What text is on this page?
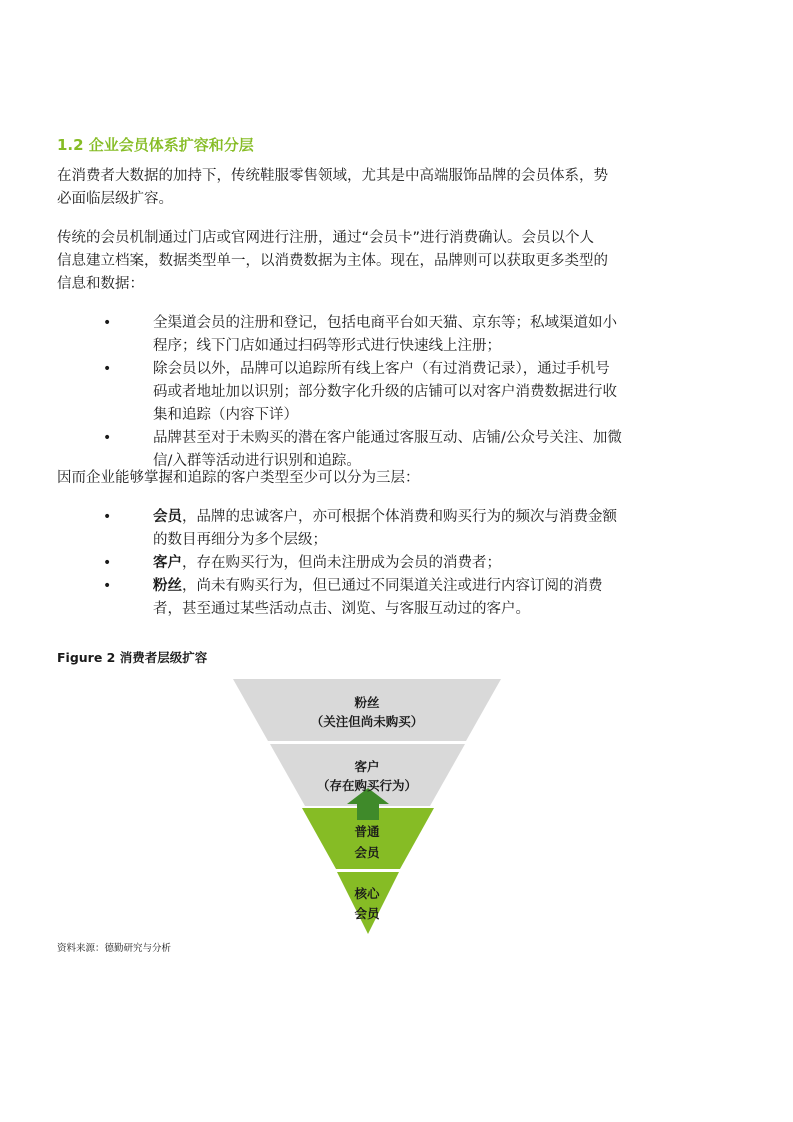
1.2 企业会员体系扩容和分层

在消费者大数据的加持下，传统鞋服零售领域，尤其是中高端服饰品牌的会员体系，势
必面临层级扩容。

传统的会员机制通过门店或官网进行注册，通过“会员卡”进行消费确认。会员以个人
信息建立档案，数据类型单一，以消费数据为主体。现在，品牌则可以获取更多类型的
信息和数据：

•	全渠道会员的注册和登记，包括电商平台如天猫、京东等；私域渠道如小
程序；线下门店如通过扫码等形式进行快速线上注册；
•	除会员以外，品牌可以追踪所有线上客户（有过消费记录），通过手机号
码或者地址加以识别；部分数字化升级的店铺可以对客户消费数据进行收
集和追踪（内容下详）
•	品牌甚至对于未购买的潜在客户能通过客服互动、店铺/公众号关注、加微
信/入群等活动进行识别和追踪。

因而企业能够掌握和追踪的客户类型至少可以分为三层：

•	会员，品牌的忠诚客户，亦可根据个体消费和购买行为的频次与消费金额
的数目再细分为多个层级；
•	客户，存在购买行为，但尚未注册成为会员的消费者；
•	粉丝，尚未有购买行为，但已通过不同渠道关注或进行内容订阅的消费
者，甚至通过某些活动点击、浏览、与客服互动过的客户。
Figure 2 消费者层级扩容
粉丝
（关注但尚未购买）
客户
（存在购买行为）
普通
会员
核心
会员
资料来源：德勤研究与分析
